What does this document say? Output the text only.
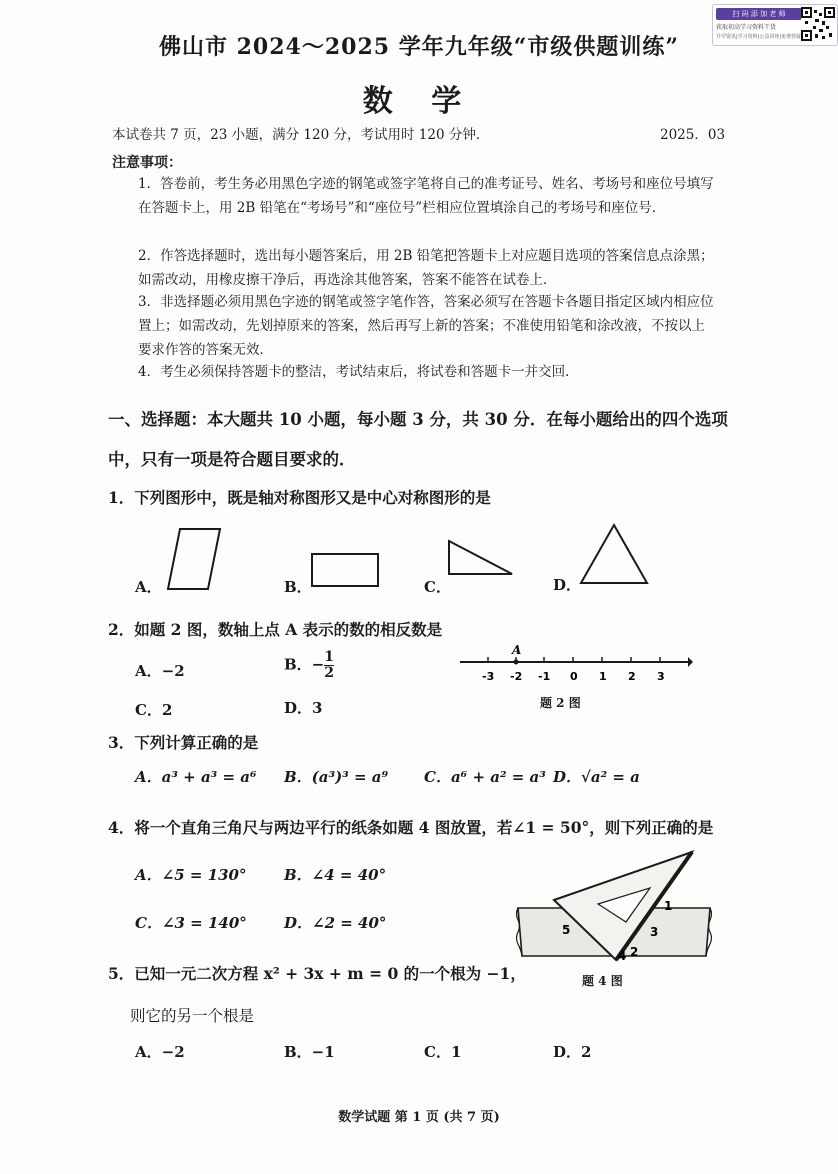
扫 码 添 加 老 师
获取初高学习资料干货
升学资讯|学习资料|公益讲座|免费答疑
佛山市 2024～2025 学年九年级“市级供题训练”
数 学
本试卷共 7 页，23 小题，满分 120 分，考试用时 120 分钟．	2025．03
注意事项：
1．答卷前，考生务必用黑色字迹的钢笔或签字笔将自己的准考证号、姓名、考场号和座位号填写在答题卡上，用 2B 铅笔在“考场号”和“座位号”栏相应位置填涂自己的考场号和座位号．
2．作答选择题时，选出每小题答案后，用 2B 铅笔把答题卡上对应题目选项的答案信息点涂黑；如需改动，用橡皮擦干净后，再选涂其他答案，答案不能答在试卷上．
3．非选择题必须用黑色字迹的钢笔或签字笔作答，答案必须写在答题卡各题目指定区域内相应位置上；如需改动，先划掉原来的答案，然后再写上新的答案；不准使用铅笔和涂改液，不按以上要求作答的答案无效．
4．考生必须保持答题卡的整洁，考试结束后，将试卷和答题卡一并交回．
一、选择题：本大题共 10 小题，每小题 3 分，共 30 分．在每小题给出的四个选项
中，只有一项是符合题目要求的．
1．下列图形中，既是轴对称图形又是中心对称图形的是
A．	B．	C．	D．
2．如题 2 图，数轴上点 A 表示的数的相反数是
A．−2	B．− $\frac{1}{2}$
C．2	D．3
A
-3 -2 -1 0 1 2 3
题 2 图
3．下列计算正确的是
A．a³ + a³ = a⁶ B．(a³)³ = a⁹ C．a⁶ + a² = a³ D．√a² = a
4．将一个直角三角尺与两边平行的纸条如题 4 图放置，若∠1 = 50°，则下列正确的是
A．∠5 = 130°	B．∠4 = 40°
C．∠3 = 140° D．∠2 = 40°
1
2
3
4
5
题 4 图
5．已知一元二次方程 x² + 3x + m = 0 的一个根为 −1，
则它的另一个根是
A．−2	B．−1	C．1	D．2
数学试题 第 1 页 (共 7 页)
